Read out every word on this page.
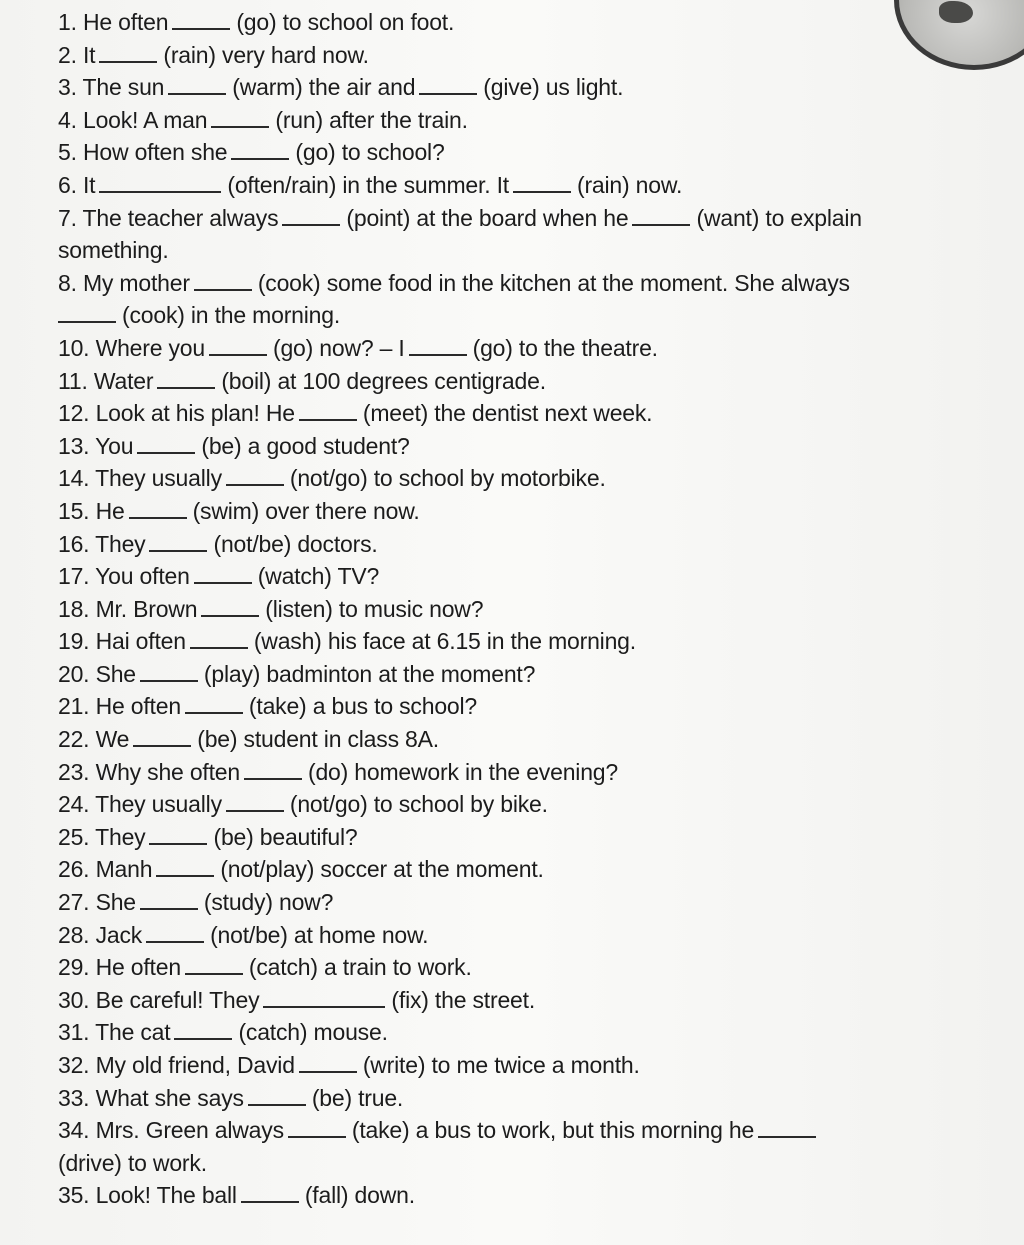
1. He often	(go) to school on foot.
2. It	(rain) very hard now.
3. The sun	(warm) the air and	(give) us light.
4. Look! A man	(run) after the train.
5. How often she	(go) to school?
6. It	(often/rain) in the summer. It	(rain) now.
7. The teacher always	(point) at the board when he	(want) to explain
something.
8. My mother	(cook) some food in the kitchen at the moment. She always
(cook) in the morning.
10. Where you	(go) now? – I	(go) to the theatre.
11. Water	(boil) at 100 degrees centigrade.
12. Look at his plan! He	(meet) the dentist next week.
13. You	(be) a good student?
14. They usually	(not/go) to school by motorbike.
15. He	(swim) over there now.
16. They	(not/be) doctors.
17. You often	(watch) TV?
18. Mr. Brown	(listen) to music now?
19. Hai often	(wash) his face at 6.15 in the morning.
20. She	(play) badminton at the moment?
21. He often	(take) a bus to school?
22. We	(be) student in class 8A.
23. Why she often	(do) homework in the evening?
24. They usually	(not/go) to school by bike.
25. They	(be) beautiful?
26. Manh	(not/play) soccer at the moment.
27. She	(study) now?
28. Jack	(not/be) at home now.
29. He often	(catch) a train to work.
30. Be careful! They	(fix) the street.
31. The cat	(catch) mouse.
32. My old friend, David	(write) to me twice a month.
33. What she says	(be) true.
34. Mrs. Green always	(take) a bus to work, but this morning he
(drive) to work.
35. Look! The ball	(fall) down.
